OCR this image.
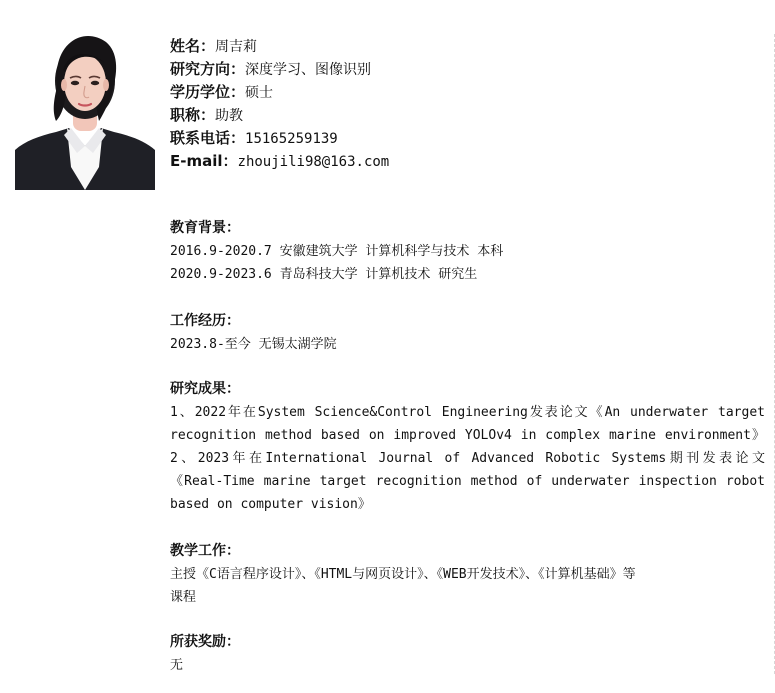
姓名：周吉莉
研究方向：深度学习、图像识别
学历学位：硕士
职称：助教
联系电话：15165259139
E-mail：zhoujili98@163.com
教育背景：
2016.9-2020.7 安徽建筑大学 计算机科学与技术 本科
2020.9-2023.6 青岛科技大学 计算机技术 研究生
工作经历：
2023.8-至今 无锡太湖学院
研究成果：
1、2022年在System Science&Control Engineering发表论文《An underwater target
recognition method based on improved YOLOv4 in complex marine environment》
2、2023年在International Journal of Advanced Robotic Systems期刊发表论文
《Real-Time marine target recognition method of underwater inspection robot
based on computer vision》
教学工作：
主授《C语言程序设计》、《HTML与网页设计》、《WEB开发技术》、《计算机基础》等
课程
所获奖励：
无
